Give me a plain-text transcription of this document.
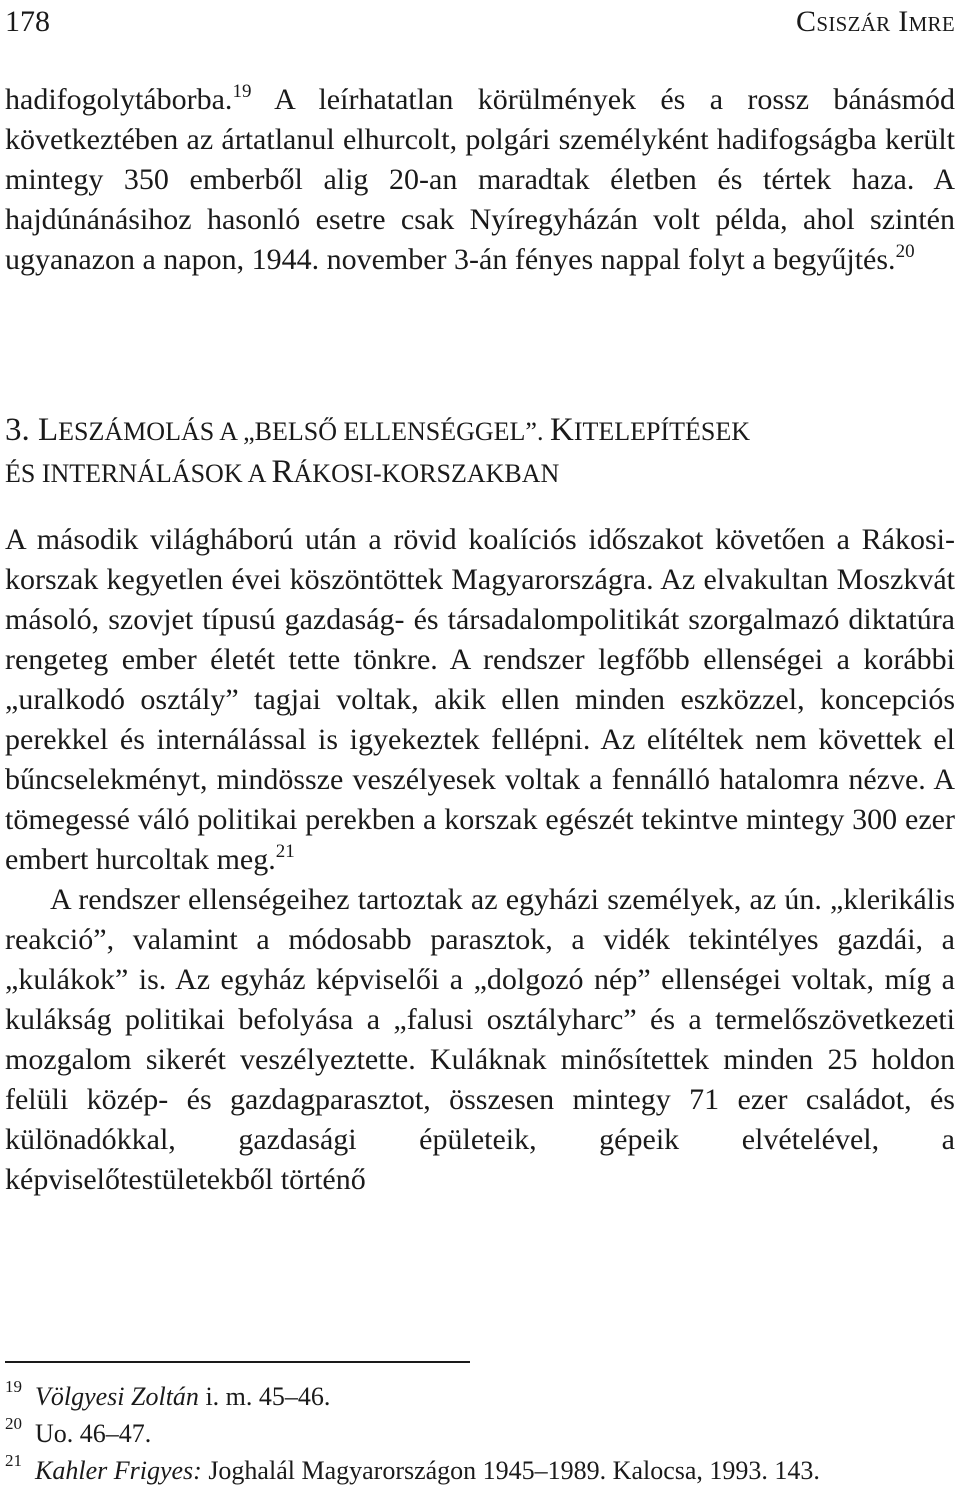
178	Csiszár Imre

hadifogolytáborba.$^{19}$ A leírhatatlan körülmények és a rossz bánásmód következtében az ártatlanul elhurcolt, polgári személyként hadifogságba került mintegy 350 emberből alig 20-an maradtak életben és tértek haza. A hajdúnánásihoz hasonló esetre csak Nyíregyházán volt példa, ahol szintén ugyanazon a napon, 1944. november 3-án fényes nappal folyt a begyűjtés.$^{20}$

3. LESZÁMOLÁS A „BELSŐ ELLENSÉGGEL”. KITELEPÍTÉSEK
ÉS INTERNÁLÁSOK A RÁKOSI-KORSZAKBAN

A második világháború után a rövid koalíciós időszakot követően a Rákosi-korszak kegyetlen évei köszöntöttek Magyarországra. Az elvakultan Moszkvát másoló, szovjet típusú gazdaság- és társadalompolitikát szorgalmazó diktatúra rengeteg ember életét tette tönkre. A rendszer legfőbb ellenségei a korábbi „uralkodó osztály” tagjai voltak, akik ellen minden eszközzel, koncepciós perekkel és internálással is igyekeztek fellépni. Az elítéltek nem követtek el bűncselekményt, mindössze veszélyesek voltak a fennálló hatalomra nézve. A tömegessé váló politikai perekben a korszak egészét tekintve mintegy 300 ezer embert hurcoltak meg.$^{21}$

A rendszer ellenségeihez tartoztak az egyházi személyek, az ún. „klerikális reakció”, valamint a módosabb parasztok, a vidék tekintélyes gazdái, a „kulákok” is. Az egyház képviselői a „dolgozó nép” ellenségei voltak, míg a kulákság politikai befolyása a „falusi osztályharc” és a termelőszövetkezeti mozgalom sikerét veszélyeztette. Kuláknak minősítettek minden 25 holdon felüli közép- és gazdagparasztot, összesen mintegy 71 ezer családot, és különadókkal, gazdasági épületeik, gépeik elvételével, a képviselőtestületekből történő

19 Völgyesi Zoltán i. m. 45–46.
20 Uo. 46–47.
21 Kahler Frigyes: Joghalál Magyarországon 1945–1989. Kalocsa, 1993. 143.
